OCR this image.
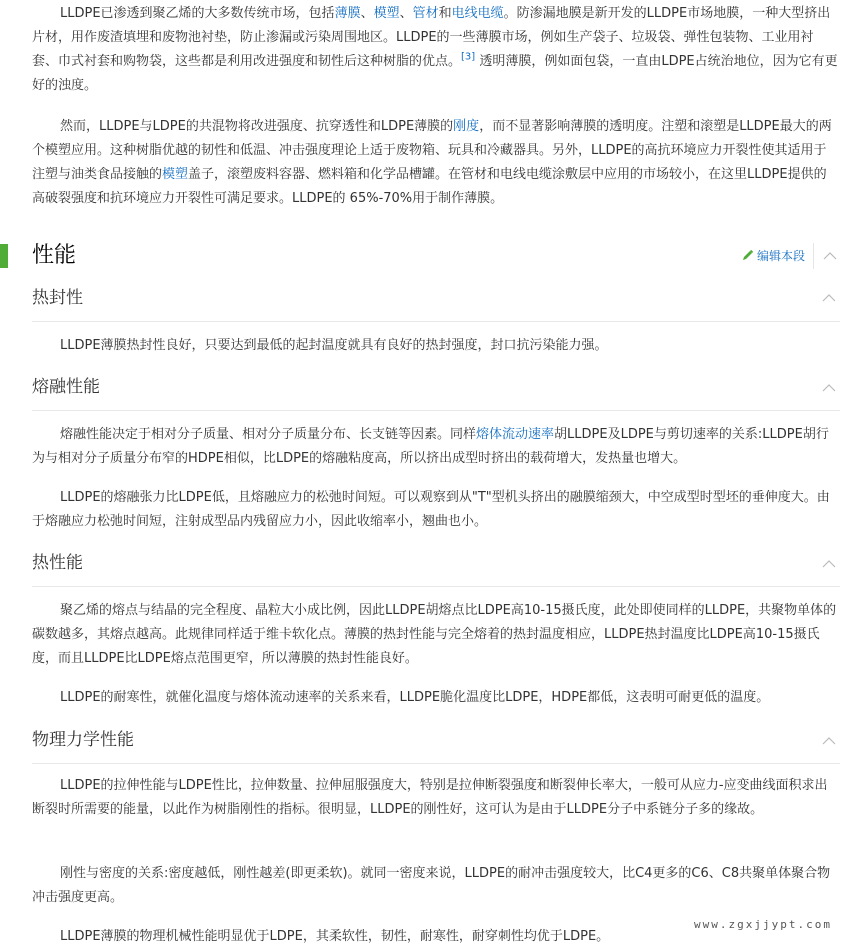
LLDPE已渗透到聚乙烯的大多数传统市场，包括薄膜、模塑、管材和电线电缆。防渗漏地膜是新开发的LLDPE市场地膜，一种大型挤出片材，用作废渣填埋和废物池衬垫，防止渗漏或污染周围地区。LLDPE的一些薄膜市场，例如生产袋子、垃圾袋、弹性包装物、工业用衬套、巾式衬套和购物袋，这些都是利用改进强度和韧性后这种树脂的优点。[3] 透明薄膜，例如面包袋，一直由LDPE占统治地位，因为它有更好的浊度。

然而，LLDPE与LDPE的共混物将改进强度、抗穿透性和LDPE薄膜的刚度，而不显著影响薄膜的透明度。注塑和滚塑是LLDPE最大的两个模塑应用。这种树脂优越的韧性和低温、冲击强度理论上适于废物箱、玩具和冷藏器具。另外，LLDPE的高抗环境应力开裂性使其适用于注塑与油类食品接触的模塑盖子，滚塑废料容器、燃料箱和化学品槽罐。在管材和电线电缆涂敷层中应用的市场较小，在这里LLDPE提供的高破裂强度和抗环境应力开裂性可满足要求。LLDPE的 65%-70%用于制作薄膜。

性能	编辑本段
热封性

LLDPE薄膜热封性良好，只要达到最低的起封温度就具有良好的热封强度，封口抗污染能力强。

熔融性能

熔融性能决定于相对分子质量、相对分子质量分布、长支链等因素。同样熔体流动速率胡LLDPE及LDPE与剪切速率的关系:LLDPE胡行为与相对分子质量分布窄的HDPE相似，比LDPE的熔融粘度高，所以挤出成型时挤出的载荷增大，发热量也增大。

LLDPE的熔融张力比LDPE低，且熔融应力的松弛时间短。可以观察到从"T"型机头挤出的融膜缩颈大，中空成型时型坯的垂伸度大。由于熔融应力松弛时间短，注射成型品内残留应力小，因此收缩率小，翘曲也小。

热性能

聚乙烯的熔点与结晶的完全程度、晶粒大小成比例，因此LLDPE胡熔点比LDPE高10-15摄氏度，此处即使同样的LLDPE，共聚物单体的碳数越多，其熔点越高。此规律同样适于维卡软化点。薄膜的热封性能与完全熔着的热封温度相应，LLDPE热封温度比LDPE高10-15摄氏度，而且LLDPE比LDPE熔点范围更窄，所以薄膜的热封性能良好。

LLDPE的耐寒性，就催化温度与熔体流动速率的关系来看，LLDPE脆化温度比LDPE，HDPE都低，这表明可耐更低的温度。

物理力学性能

LLDPE的拉伸性能与LDPE性比，拉伸数量、拉伸屈服强度大，特别是拉伸断裂强度和断裂伸长率大，一般可从应力-应变曲线面积求出断裂时所需要的能量，以此作为树脂刚性的指标。很明显，LLDPE的刚性好，这可认为是由于LLDPE分子中系链分子多的缘故。

刚性与密度的关系:密度越低，刚性越差(即更柔软)。就同一密度来说，LLDPE的耐冲击强度较大，比C4更多的C6、C8共聚单体聚合物冲击强度更高。

LLDPE薄膜的物理机械性能明显优于LDPE，其柔软性，韧性，耐寒性，耐穿刺性均优于LDPE。

www.zgxjjypt.com
